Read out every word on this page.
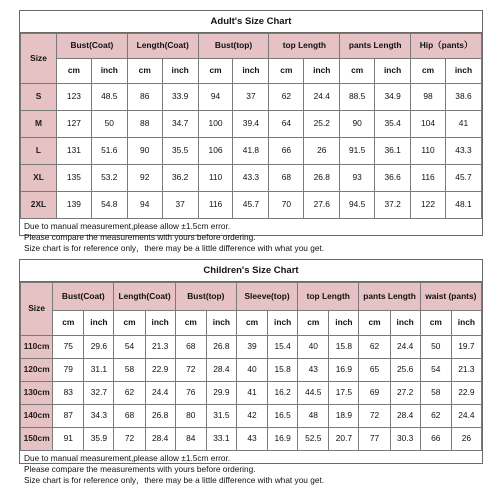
Adult's Size Chart
Size	Bust(Coat)		Length(Coat)		Bust(top)		top Length		pants Length		Hip（pants）	
	cm	inch	cm	inch	cm	inch	cm	inch	cm	inch	cm	inch
S	123	48.5	86	33.9	94	37	62	24.4	88.5	34.9	98	38.6
M	127	50	88	34.7	100	39.4	64	25.2	90	35.4	104	41
L	131	51.6	90	35.5	106	41.8	66	26	91.5	36.1	110	43.3
XL	135	53.2	92	36.2	110	43.3	68	26.8	93	36.6	116	45.7
2XL	139	54.8	94	37	116	45.7	70	27.6	94.5	37.2	122	48.1
Due to manual measurement,please allow ±1.5cm error.
Please compare the measurements with yours before ordering.
Size chart is for reference only，there may be a little difference with what you get.
Children's Size Chart
Size	Bust(Coat)		Length(Coat)		Bust(top)		Sleeve(top)		top Length		pants Length		waist (pants)	
	cm	inch	cm	inch	cm	inch	cm	inch	cm	inch	cm	inch	cm	inch
110cm	75	29.6	54	21.3	68	26.8	39	15.4	40	15.8	62	24.4	50	19.7
120cm	79	31.1	58	22.9	72	28.4	40	15.8	43	16.9	65	25.6	54	21.3
130cm	83	32.7	62	24.4	76	29.9	41	16.2	44.5	17.5	69	27.2	58	22.9
140cm	87	34.3	68	26.8	80	31.5	42	16.5	48	18.9	72	28.4	62	24.4
150cm	91	35.9	72	28.4	84	33.1	43	16.9	52.5	20.7	77	30.3	66	26
Due to manual measurement,please allow ±1.5cm error.
Please compare the measurements with yours before ordering.
Size chart is for reference only，there may be a little difference with what you get.
